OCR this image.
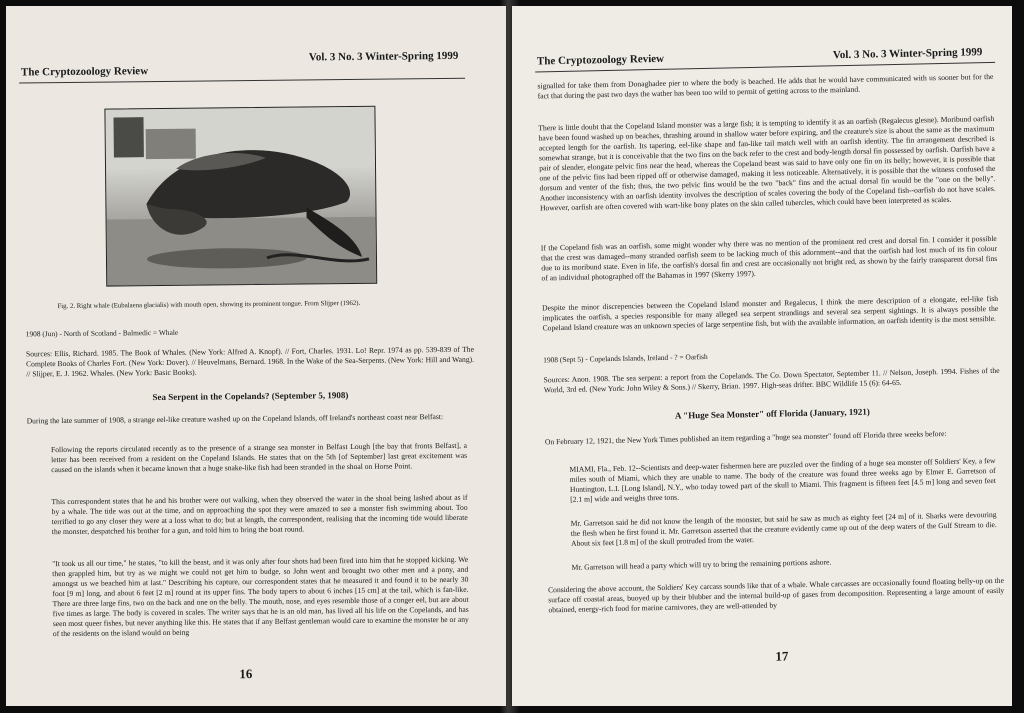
The Cryptozoology Review
Vol. 3 No. 3 Winter-Spring 1999
Fig. 2. Right whale (Eubalaena glacialis) with mouth open, showing its prominent tongue. From Slijper (1962).
1908 (Jun) - North of Scotland - Balmedic = Whale
Sources: Ellis, Richard. 1985. The Book of Whales. (New York: Alfred A. Knopf). // Fort, Charles. 1931. Lo! Repr. 1974 as pp. 539-839 of The Complete Books of Charles Fort. (New York: Dover). // Heuvelmans, Bernard. 1968. In the Wake of the Sea-Serpents. (New York: Hill and Wang). // Slijper, E. J. 1962. Whales. (New York: Basic Books).
Sea Serpent in the Copelands? (September 5, 1908)
During the late summer of 1908, a strange eel-like creature washed up on the Copeland Islands, off Ireland's northeast coast near Belfast:
Following the reports circulated recently as to the presence of a strange sea monster in Belfast Lough [the bay that fronts Belfast], a letter has been received from a resident on the Copeland Islands. He states that on the 5th [of September] last great excitement was caused on the islands when it became known that a huge snake-like fish had been stranded in the shoal on Horse Point.
This correspondent states that he and his brother were out walking, when they observed the water in the shoal being lashed about as if by a whale. The tide was out at the time, and on approaching the spot they were amazed to see a monster fish swimming about. Too terrified to go any closer they were at a loss what to do; but at length, the correspondent, realising that the incoming tide would liberate the monster, despatched his brother for a gun, and told him to bring the boat round.
"It took us all our time," he states, "to kill the beast, and it was only after four shots had been fired into him that he stopped kicking. We then grappled him, but try as we might we could not get him to budge, so John went and brought two other men and a pony, and amongst us we beached him at last." Describing his capture, our correspondent states that he measured it and found it to be nearly 30 foot [9 m] long, and about 6 feet [2 m] round at its upper fins. The body tapers to about 6 inches [15 cm] at the tail, which is fan-like. There are three large fins, two on the back and one on the belly. The mouth, nose, and eyes resemble those of a conger eel, but are about five times as large. The body is covered in scales. The writer says that he is an old man, has lived all his life on the Copelands, and has seen most queer fishes, but never anything like this. He states that if any Belfast gentleman would care to examine the monster he or any of the residents on the island would on being
16
The Cryptozoology Review	Vol. 3 No. 3 Winter-Spring 1999
signalled for take them from Donaghadee pier to where the body is beached. He adds that he would have communicated with us sooner but for the fact that during the past two days the wather has been too wild to permit of getting across to the mainland.
There is little doubt that the Copeland Island monster was a large fish; it is tempting to identify it as an oarfish (Regalecus glesne). Moribund oarfish have been found washed up on beaches, thrashing around in shallow water before expiring, and the creature's size is about the same as the maximum accepted length for the oarfish. Its tapering, eel-like shape and fan-like tail match well with an oarfish identity. The fin arrangement described is somewhat strange, but it is conceivable that the two fins on the back refer to the crest and body-length dorsal fin possessed by oarfish. Oarfish have a pair of slender, elongate pelvic fins near the head, whereas the Copeland beast was said to have only one fin on its belly; however, it is possible that one of the pelvic fins had been ripped off or otherwise damaged, making it less noticeable. Alternatively, it is possible that the witness confused the dorsum and venter of the fish; thus, the two pelvic fins would be the two "back" fins and the actual dorsal fin would be the "one on the belly". Another inconsistency with an oarfish identity involves the description of scales covering the body of the Copeland fish--oarfish do not have scales. However, oarfish are often covered with wart-like bony plates on the skin called tubercles, which could have been interpreted as scales.
If the Copeland fish was an oarfish, some might wonder why there was no mention of the prominent red crest and dorsal fin. I consider it possible that the crest was damaged--many stranded oarfish seem to be lacking much of this adornment--and that the oarfish had lost much of its fin colour due to its moribund state. Even in life, the oarfish's dorsal fin and crest are occasionally not bright red, as shown by the fairly transparent dorsal fins of an individual photographed off the Bahamas in 1997 (Skerry 1997).
Despite the minor discrepencies between the Copeland Island monster and Regalecus, I think the mere description of a elongate, eel-like fish implicates the oarfish, a species responsible for many alleged sea serpent strandings and several sea serpent sightings. It is always possible the Copeland Island creature was an unknown species of large serpentine fish, but with the available information, an oarfish identity is the most sensible.
1908 (Sept 5) - Copelands Islands, Ireland - ? = Oarfish
Sources: Anon. 1908. The sea serpent: a report from the Copelands. The Co. Down Spectator, September 11. // Nelson, Joseph. 1994. Fishes of the World, 3rd ed. (New York: John Wiley & Sons.) // Skerry, Brian. 1997. High-seas drifter. BBC Wildlife 15 (6): 64-65.
A "Huge Sea Monster" off Florida (January, 1921)
On February 12, 1921, the New York Times published an item regarding a "huge sea monster" found off Florida three weeks before:
MIAMI, Fla., Feb. 12--Scientists and deep-water fishermen here are puzzled over the finding of a huge sea monster off Soldiers' Key, a few miles south of Miami, which they are unable to name. The body of the creature was found three weeks ago by Elmer E. Garretson of Huntington, L.I. [Long Island], N.Y., who today towed part of the skull to Miami. This fragment is fifteen feet [4.5 m] long and seven feet [2.1 m] wide and weighs three tons.
Mr. Garretson said he did not know the length of the monster, but said he saw as much as eighty feet [24 m] of it. Sharks were devouring the flesh when he first found it. Mr. Garretson asserted that the creature evidently came up out of the deep waters of the Gulf Stream to die. About six feet [1.8 m] of the skull protruded from the water.
Mr. Garretson will head a party which will try to bring the remaining portions ashore.
Considering the above account, the Soldiers' Key carcass sounds like that of a whale. Whale carcasses are occasionally found floating belly-up on the surface off coastal areas, buoyed up by their blubber and the internal build-up of gases from decomposition. Representing a large amount of easily obtained, energy-rich food for marine carnivores, they are well-attended by
17
